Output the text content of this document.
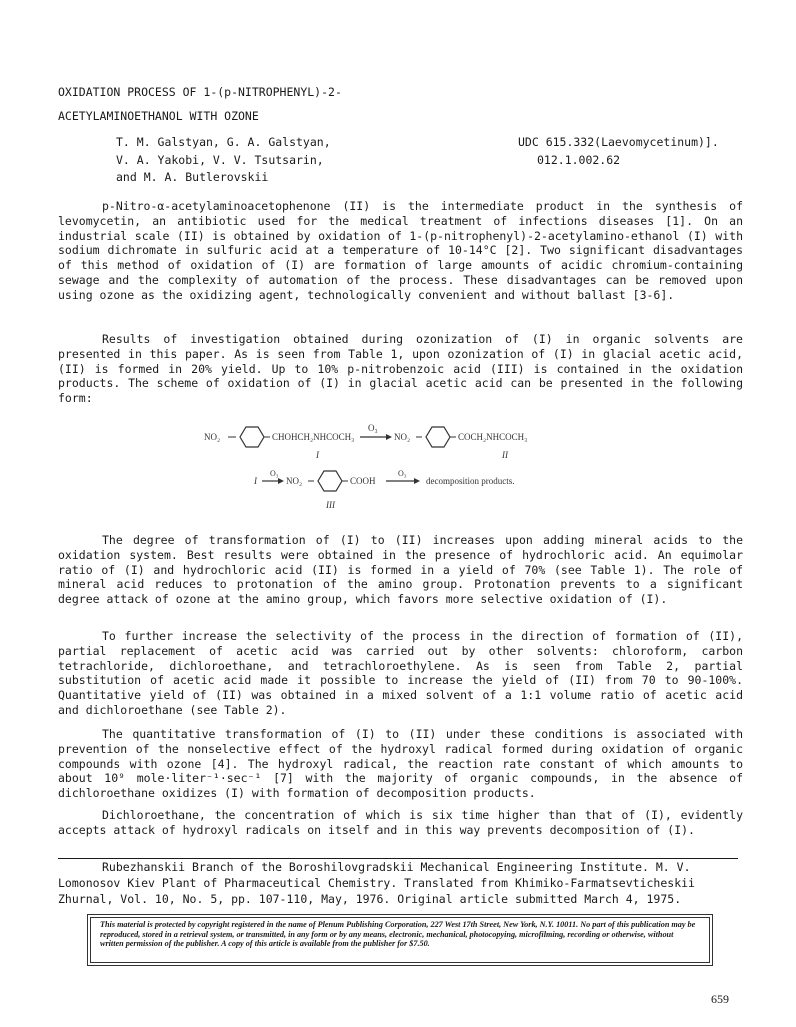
OXIDATION PROCESS OF 1-(p-NITROPHENYL)-2-
ACETYLAMINOETHANOL WITH OZONE
T. M. Galstyan, G. A. Galstyan,
V. A. Yakobi, V. V. Tsutsarin,
and M. A. Butlerovskii
UDC 615.332(Laevomycetinum)].
012.1.002.62

p-Nitro-α-acetylaminoacetophenone (II) is the intermediate product in the synthesis of levomycetin, an antibiotic used for the medical treatment of infections diseases [1]. On an industrial scale (II) is obtained by oxidation of 1-(p-nitrophenyl)-2-acetylamino-ethanol (I) with sodium dichromate in sulfuric acid at a temperature of 10-14°C [2]. Two significant disadvantages of this method of oxidation of (I) are formation of large amounts of acidic chromium-containing sewage and the complexity of automation of the process. These disadvantages can be removed upon using ozone as the oxidizing agent, technologically convenient and without ballast [3-6].

Results of investigation obtained during ozonization of (I) in organic solvents are presented in this paper. As is seen from Table 1, upon ozonization of (I) in glacial acetic acid, (II) is formed in 20% yield. Up to 10% p-nitrobenzoic acid (III) is contained in the oxidation products. The scheme of oxidation of (I) in glacial acetic acid can be presented in the following form:

NO₂	CHOHCH₂NHCOCH₃
O₃
NO₂	COCH₂NHCOCH₃
I	II
I
O₃
NO₂	COOH
O₃
decomposition products.
III

The degree of transformation of (I) to (II) increases upon adding mineral acids to the oxidation system. Best results were obtained in the presence of hydrochloric acid. An equimolar ratio of (I) and hydrochloric acid (II) is formed in a yield of 70% (see Table 1). The role of mineral acid reduces to protonation of the amino group. Protonation prevents to a significant degree attack of ozone at the amino group, which favors more selective oxidation of (I).

To further increase the selectivity of the process in the direction of formation of (II), partial replacement of acetic acid was carried out by other solvents: chloroform, carbon tetrachloride, dichloroethane, and tetrachloroethylene. As is seen from Table 2, partial substitution of acetic acid made it possible to increase the yield of (II) from 70 to 90-100%. Quantitative yield of (II) was obtained in a mixed solvent of a 1:1 volume ratio of acetic acid and dichloroethane (see Table 2).

The quantitative transformation of (I) to (II) under these conditions is associated with prevention of the nonselective effect of the hydroxyl radical formed during oxidation of organic compounds with ozone [4]. The hydroxyl radical, the reaction rate constant of which amounts to about 10⁹ mole·liter⁻¹·sec⁻¹ [7] with the majority of organic compounds, in the absence of dichloroethane oxidizes (I) with formation of decomposition products.

Dichloroethane, the concentration of which is six time higher than that of (I), evidently accepts attack of hydroxyl radicals on itself and in this way prevents decomposition of (I).

Rubezhanskii Branch of the Boroshilovgradskii Mechanical Engineering Institute. M. V.
Lomonosov Kiev Plant of Pharmaceutical Chemistry. Translated from Khimiko-Farmatsevticheskii
Zhurnal, Vol. 10, No. 5, pp. 107-110, May, 1976. Original article submitted March 4, 1975.

This material is protected by copyright registered in the name of Plenum Publishing Corporation, 227 West 17th Street, New York, N.Y. 10011. No part of this publication may be reproduced, stored in a retrieval system, or transmitted, in any form or by any means, electronic, mechanical, photocopying, microfilming, recording or otherwise, without written permission of the publisher. A copy of this article is available from the publisher for $7.50.

659
